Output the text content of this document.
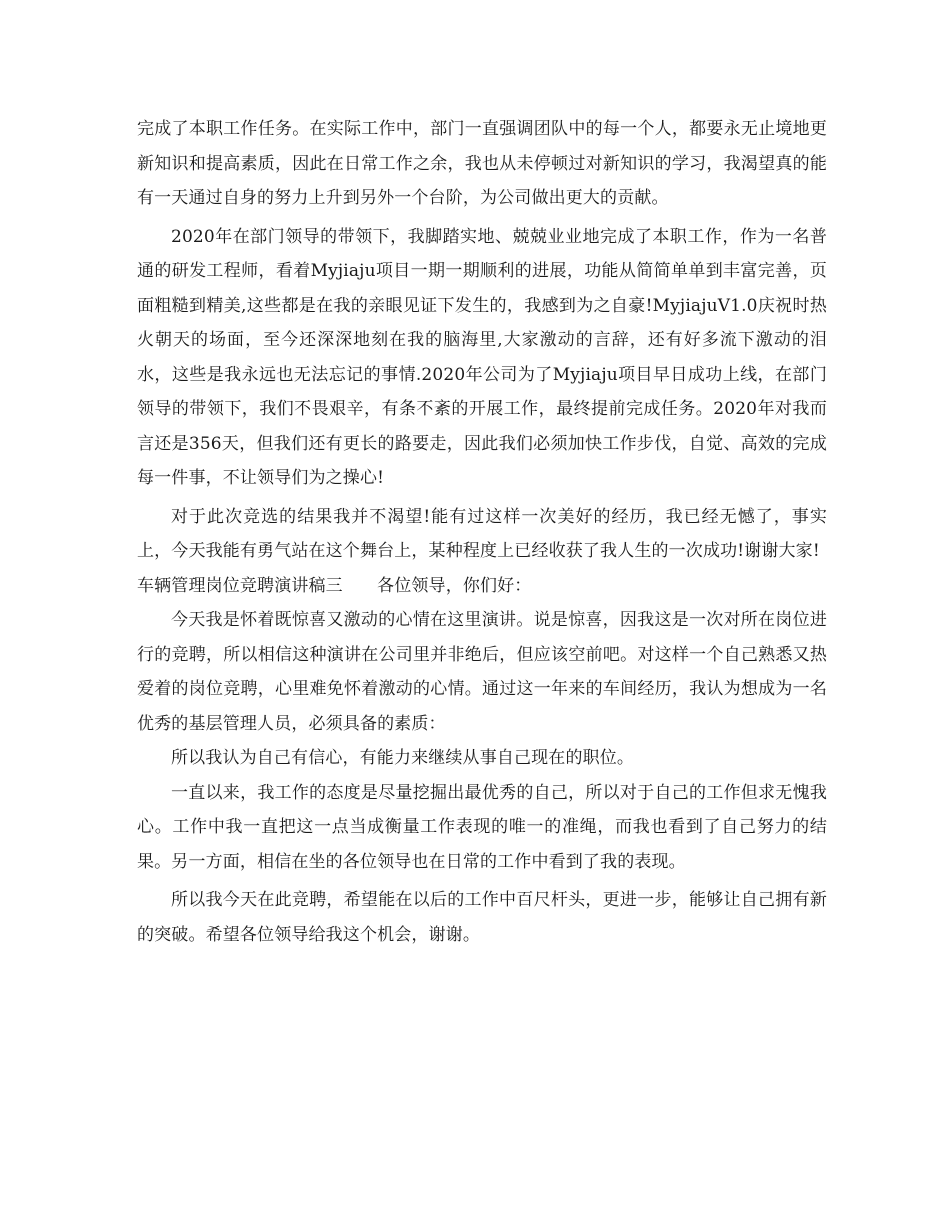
完成了本职工作任务。在实际工作中，部门一直强调团队中的每一个人，都要永无止境地更新知识和提高素质，因此在日常工作之余，我也从未停顿过对新知识的学习，我渴望真的能有一天通过自身的努力上升到另外一个台阶，为公司做出更大的贡献。

2020年在部门领导的带领下，我脚踏实地、兢兢业业地完成了本职工作，作为一名普通的研发工程师，看着Myjiaju项目一期一期顺利的进展，功能从简简单单到丰富完善，页面粗糙到精美,这些都是在我的亲眼见证下发生的，我感到为之自豪!MyjiajuV1.0庆祝时热火朝天的场面，至今还深深地刻在我的脑海里,大家激动的言辞，还有好多流下激动的泪水，这些是我永远也无法忘记的事情.2020年公司为了Myjiaju项目早日成功上线，在部门领导的带领下，我们不畏艰辛，有条不紊的开展工作，最终提前完成任务。2020年对我而言还是356天，但我们还有更长的路要走，因此我们必须加快工作步伐，自觉、高效的完成每一件事，不让领导们为之操心!

对于此次竞选的结果我并不渴望!能有过这样一次美好的经历，我已经无憾了，事实上，今天我能有勇气站在这个舞台上，某种程度上已经收获了我人生的一次成功!谢谢大家!

车辆管理岗位竞聘演讲稿三　　各位领导，你们好：

今天我是怀着既惊喜又激动的心情在这里演讲。说是惊喜，因我这是一次对所在岗位进行的竞聘，所以相信这种演讲在公司里并非绝后，但应该空前吧。对这样一个自己熟悉又热爱着的岗位竞聘，心里难免怀着激动的心情。通过这一年来的车间经历，我认为想成为一名优秀的基层管理人员，必须具备的素质：

所以我认为自己有信心，有能力来继续从事自己现在的职位。

一直以来，我工作的态度是尽量挖掘出最优秀的自己，所以对于自己的工作但求无愧我心。工作中我一直把这一点当成衡量工作表现的唯一的准绳，而我也看到了自己努力的结果。另一方面，相信在坐的各位领导也在日常的工作中看到了我的表现。

所以我今天在此竞聘，希望能在以后的工作中百尺杆头，更进一步，能够让自己拥有新的突破。希望各位领导给我这个机会，谢谢。
